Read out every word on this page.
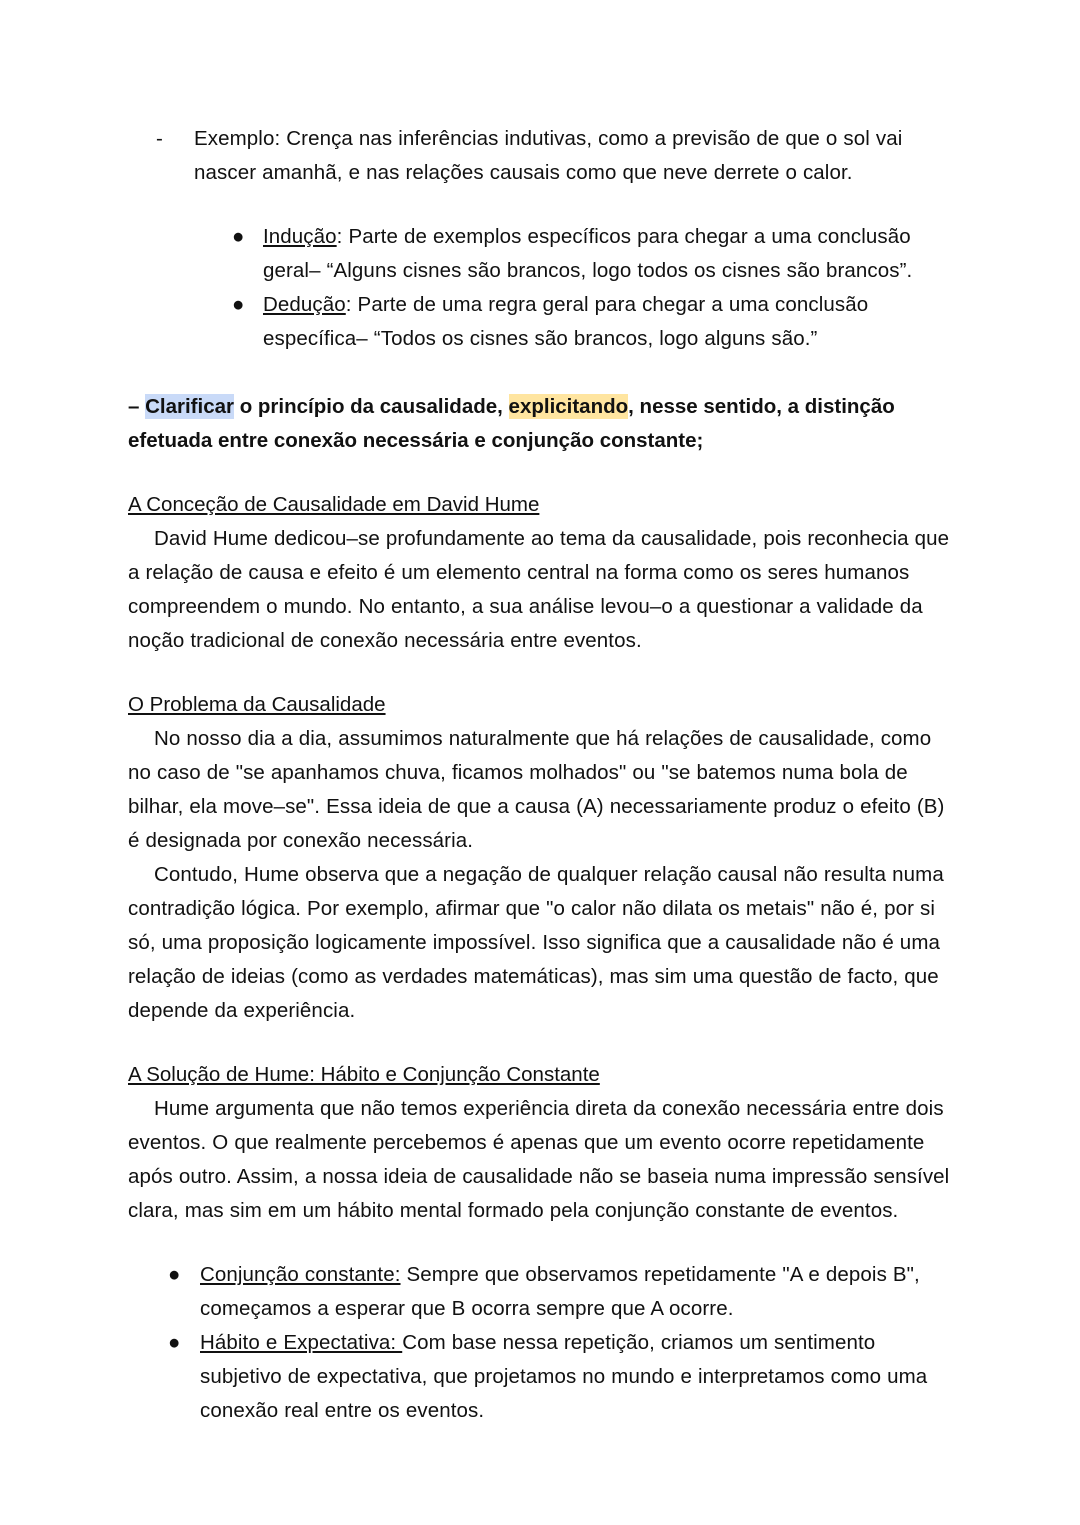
- Exemplo: Crença nas inferências indutivas, como a previsão de que o sol vai nascer amanhã, e nas relações causais como que neve derrete o calor.
● Indução: Parte de exemplos específicos para chegar a uma conclusão geral– “Alguns cisnes são brancos, logo todos os cisnes são brancos”.
● Dedução: Parte de uma regra geral para chegar a uma conclusão específica– “Todos os cisnes são brancos, logo alguns são.”

– Clarificar o princípio da causalidade, explicitando, nesse sentido, a distinção efetuada entre conexão necessária e conjunção constante;

A Conceção de Causalidade em David Hume

David Hume dedicou–se profundamente ao tema da causalidade, pois reconhecia que a relação de causa e efeito é um elemento central na forma como os seres humanos compreendem o mundo. No entanto, a sua análise levou–o a questionar a validade da noção tradicional de conexão necessária entre eventos.

O Problema da Causalidade

No nosso dia a dia, assumimos naturalmente que há relações de causalidade, como no caso de "se apanhamos chuva, ficamos molhados" ou "se batemos numa bola de bilhar, ela move–se". Essa ideia de que a causa (A) necessariamente produz o efeito (B) é designada por conexão necessária.

Contudo, Hume observa que a negação de qualquer relação causal não resulta numa contradição lógica. Por exemplo, afirmar que "o calor não dilata os metais" não é, por si só, uma proposição logicamente impossível. Isso significa que a causalidade não é uma relação de ideias (como as verdades matemáticas), mas sim uma questão de facto, que depende da experiência.

A Solução de Hume: Hábito e Conjunção Constante

Hume argumenta que não temos experiência direta da conexão necessária entre dois eventos. O que realmente percebemos é apenas que um evento ocorre repetidamente após outro. Assim, a nossa ideia de causalidade não se baseia numa impressão sensível clara, mas sim em um hábito mental formado pela conjunção constante de eventos.

● Conjunção constante: Sempre que observamos repetidamente "A e depois B", começamos a esperar que B ocorra sempre que A ocorre.
● Hábito e Expectativa: Com base nessa repetição, criamos um sentimento subjetivo de expectativa, que projetamos no mundo e interpretamos como uma conexão real entre os eventos.
